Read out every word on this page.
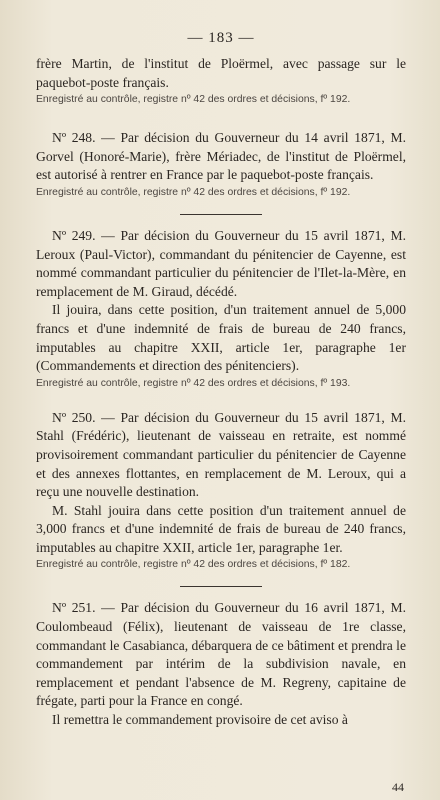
— 183 —

frère Martin, de l'institut de Ploërmel, avec passage sur le paquebot-poste français.

Enregistré au contrôle, registre nº 42 des ordres et décisions, fº 192.

Nº 248. — Par décision du Gouverneur du 14 avril 1871, M. Gorvel (Honoré-Marie), frère Mériadec, de l'institut de Ploërmel, est autorisé à rentrer en France par le paquebot-poste français.

Enregistré au contrôle, registre nº 42 des ordres et décisions, fº 192.

Nº 249. — Par décision du Gouverneur du 15 avril 1871, M. Leroux (Paul-Victor), commandant du pénitencier de Cayenne, est nommé commandant particulier du pénitencier de l'Ilet-la-Mère, en remplacement de M. Giraud, décédé.

Il jouira, dans cette position, d'un traitement annuel de 5,000 francs et d'une indemnité de frais de bureau de 240 francs, imputables au chapitre XXII, article 1er, paragraphe 1er (Commandements et direction des pénitenciers).

Enregistré au contrôle, registre nº 42 des ordres et décisions, fº 193.

Nº 250. — Par décision du Gouverneur du 15 avril 1871, M. Stahl (Frédéric), lieutenant de vaisseau en retraite, est nommé provisoirement commandant particulier du pénitencier de Cayenne et des annexes flottantes, en remplacement de M. Leroux, qui a reçu une nouvelle destination.

M. Stahl jouira dans cette position d'un traitement annuel de 3,000 francs et d'une indemnité de frais de bureau de 240 francs, imputables au chapitre XXII, article 1er, paragraphe 1er.

Enregistré au contrôle, registre nº 42 des ordres et décisions, fº 182.

Nº 251. — Par décision du Gouverneur du 16 avril 1871, M. Coulombeaud (Félix), lieutenant de vaisseau de 1re classe, commandant le Casabianca, débarquera de ce bâtiment et prendra le commandement par intérim de la subdivision navale, en remplacement et pendant l'absence de M. Regreny, capitaine de frégate, parti pour la France en congé.

Il remettra le commandement provisoire de cet aviso à

44
